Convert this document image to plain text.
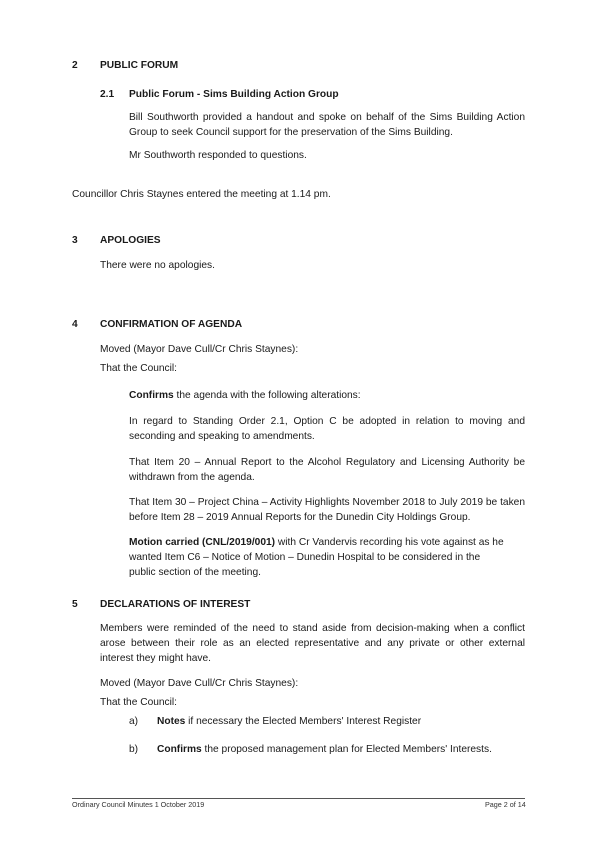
2 PUBLIC FORUM
2.1 Public Forum - Sims Building Action Group

Bill Southworth provided a handout and spoke on behalf of the Sims Building Action Group to seek Council support for the preservation of the Sims Building.

Mr Southworth responded to questions.

Councillor Chris Staynes entered the meeting at 1.14 pm.

3 APOLOGIES

There were no apologies.

4 CONFIRMATION OF AGENDA

Moved (Mayor Dave Cull/Cr Chris Staynes):

That the Council:

Confirms the agenda with the following alterations:

In regard to Standing Order 2.1, Option C be adopted in relation to moving and seconding and speaking to amendments.

That Item 20 – Annual Report to the Alcohol Regulatory and Licensing Authority be withdrawn from the agenda.

That Item 30 – Project China – Activity Highlights November 2018 to July 2019 be taken before Item 28 – 2019 Annual Reports for the Dunedin City Holdings Group.

Motion carried (CNL/2019/001) with Cr Vandervis recording his vote against as he wanted Item C6 – Notice of Motion – Dunedin Hospital to be considered in the public section of the meeting.

5 DECLARATIONS OF INTEREST

Members were reminded of the need to stand aside from decision-making when a conflict arose between their role as an elected representative and any private or other external interest they might have.

Moved (Mayor Dave Cull/Cr Chris Staynes):

That the Council:

a) Notes if necessary the Elected Members' Interest Register

b) Confirms the proposed management plan for Elected Members' Interests.

Ordinary Council Minutes 1 October 2019	Page 2 of 14
